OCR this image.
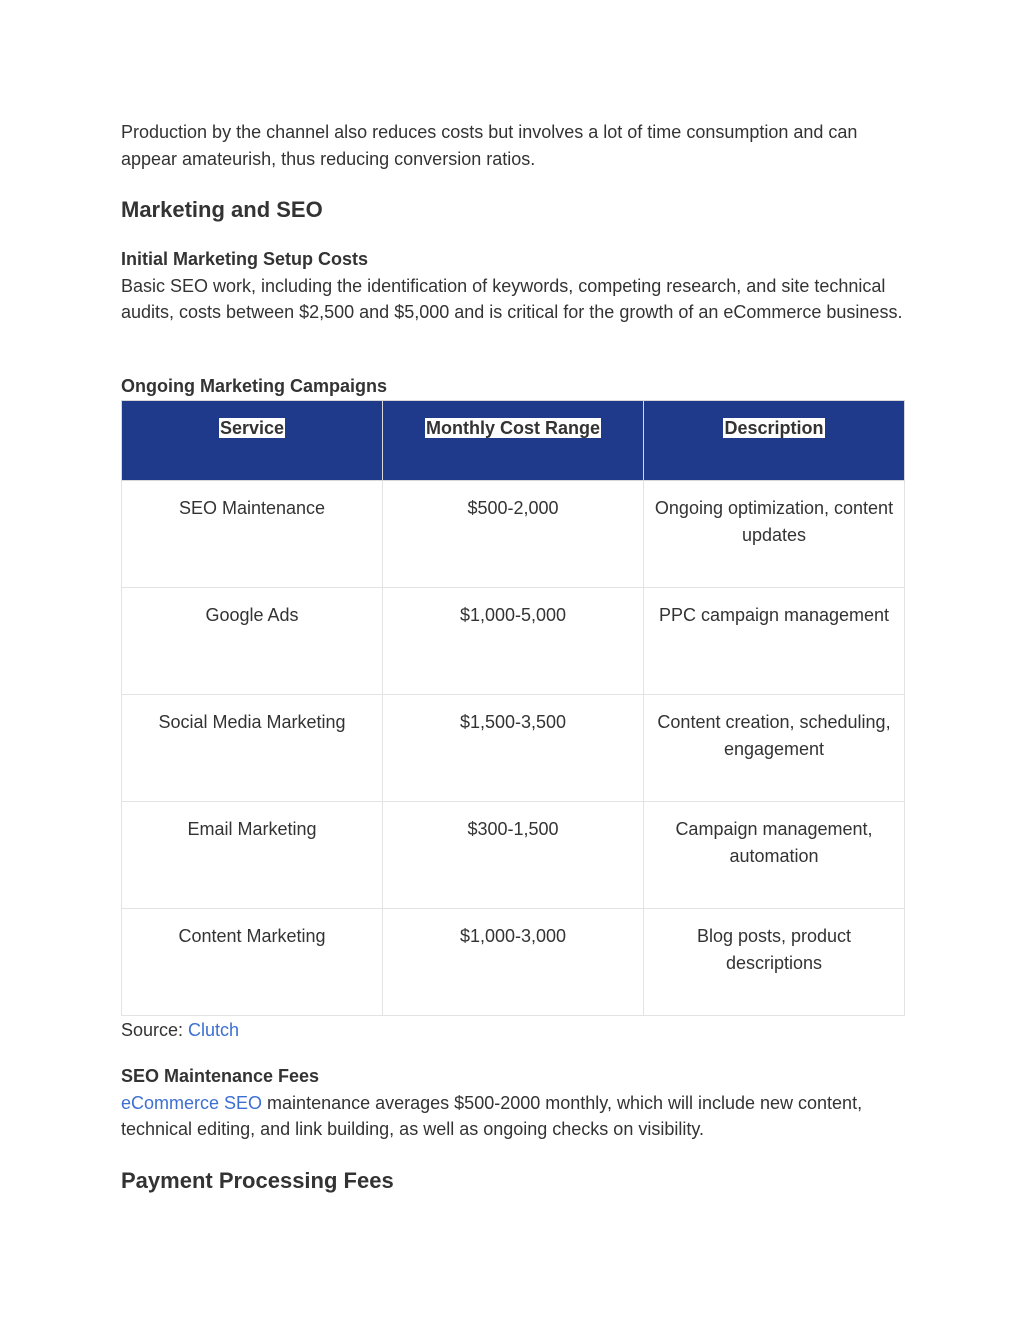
Production by the channel also reduces costs but involves a lot of time consumption and can appear amateurish, thus reducing conversion ratios.

Marketing and SEO

Initial Marketing Setup Costs

Basic SEO work, including the identification of keywords, competing research, and site technical audits, costs between $2,500 and $5,000 and is critical for the growth of an eCommerce business.

Ongoing Marketing Campaigns

Service	Monthly Cost Range	Description
SEO Maintenance	$500-2,000	Ongoing optimization, content updates
Google Ads	$1,000-5,000	PPC campaign management
Social Media Marketing	$1,500-3,500	Content creation, scheduling, engagement
Email Marketing	$300-1,500	Campaign management, automation
Content Marketing	$1,000-3,000	Blog posts, product descriptions

Source: Clutch

SEO Maintenance Fees

eCommerce SEO maintenance averages $500-2000 monthly, which will include new content, technical editing, and link building, as well as ongoing checks on visibility.

Payment Processing Fees
